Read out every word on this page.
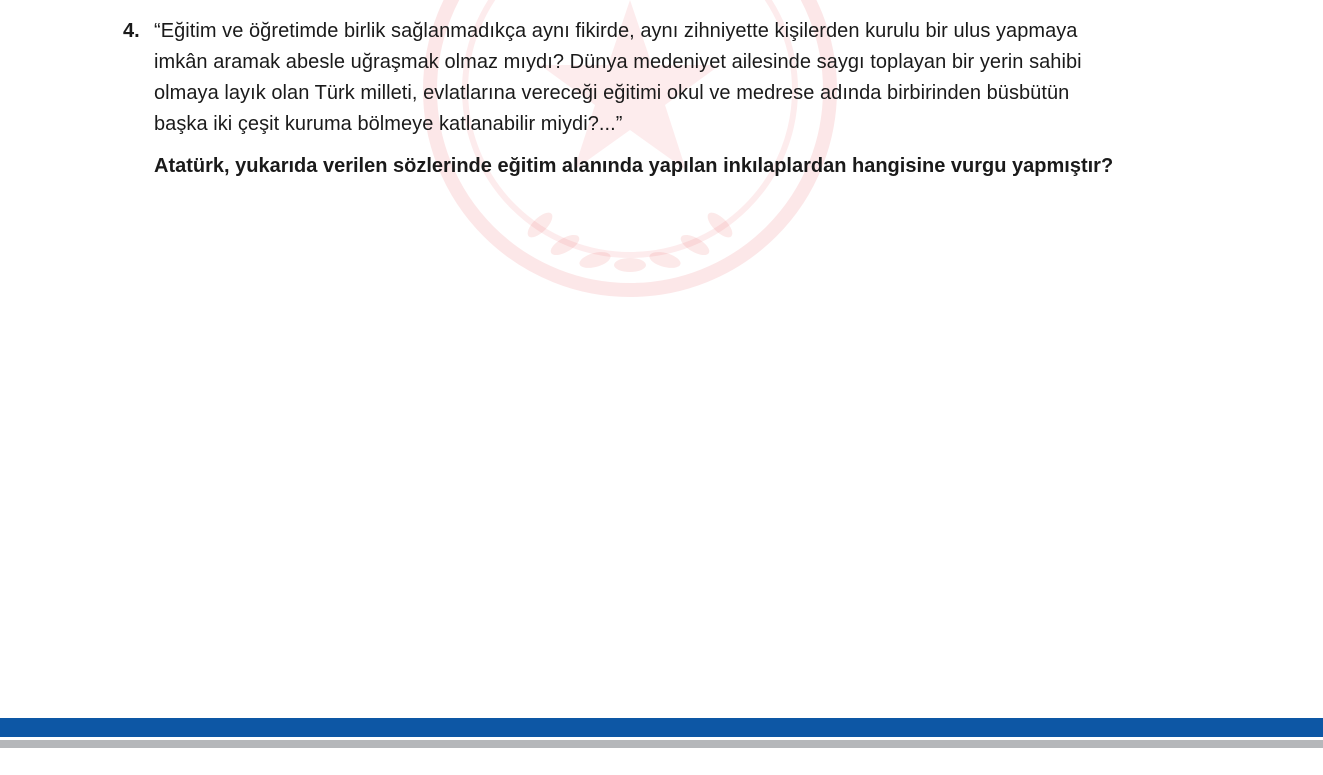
4. “Eğitim ve öğretimde birlik sağlanmadıkça aynı fikirde, aynı zihniyette kişilerden kurulu bir ulus yapmaya
imkân aramak abesle uğraşmak olmaz mıydı? Dünya medeniyet ailesinde saygı toplayan bir yerin sahibi
olmaya layık olan Türk milleti, evlatlarına vereceği eğitimi okul ve medrese adında birbirinden büsbütün
başka iki çeşit kuruma bölmeye katlanabilir miydi?...”
Atatürk, yukarıda verilen sözlerinde eğitim alanında yapılan inkılaplardan hangisine vurgu yapmıştır?
